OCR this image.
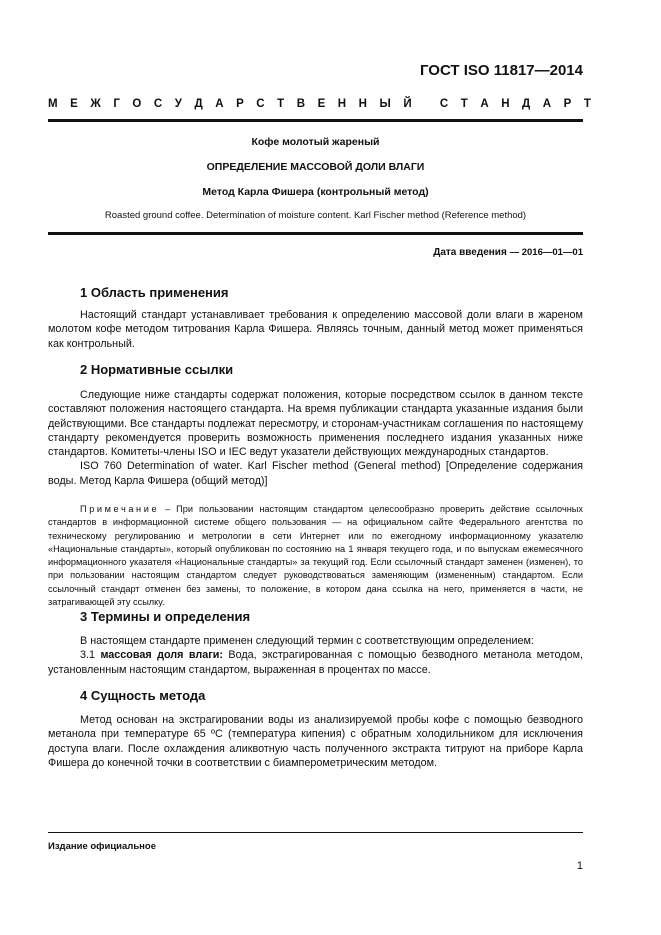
ГОСТ ISO 11817—2014
М Е Ж Г О С У Д А Р С Т В Е Н Н Ы Й
С Т А Н Д А Р Т
Кофе молотый жареный
ОПРЕДЕЛЕНИЕ МАССОВОЙ ДОЛИ ВЛАГИ
Метод Карла Фишера (контрольный метод)
Roasted ground coffee. Determination of moisture content. Karl Fischer method (Reference method)
Дата введения — 2016—01—01
1 Область применения

Настоящий стандарт устанавливает требования к определению массовой доли влаги в жареном молотом кофе методом титрования Карла Фишера. Являясь точным, данный метод может применяться как контрольный.

2 Нормативные ссылки

Следующие ниже стандарты содержат положения, которые посредством ссылок в данном тексте составляют положения настоящего стандарта. На время публикации стандарта указанные издания были действующими. Все стандарты подлежат пересмотру, и сторонам-участникам соглашения по настоящему стандарту рекомендуется проверить возможность применения последнего издания указанных ниже стандартов. Комитеты-члены ISO и IEC ведут указатели действующих международных стандартов.

ISO 760 Determination of water. Karl Fischer method (General method) [Определение содержания воды. Метод Карла Фишера (общий метод)]

Примечание – При пользовании настоящим стандартом целесообразно проверить действие ссылочных стандартов в информационной системе общего пользования — на официальном сайте Федерального агентства по техническому регулированию и метрологии в сети Интернет или по ежегодному информационному указателю «Национальные стандарты», который опубликован по состоянию на 1 января текущего года, и по выпускам ежемесячного информационного указателя «Национальные стандарты» за текущий год. Если ссылочный стандарт заменен (изменен), то при пользовании настоящим стандартом следует руководствоваться заменяющим (измененным) стандартом. Если ссылочный стандарт отменен без замены, то положение, в котором дана ссылка на него, применяется в части, не затрагивающей эту ссылку.
3 Термины и определения

В настоящем стандарте применен следующий термин с соответствующим определением:

3.1 массовая доля влаги: Вода, экстрагированная с помощью безводного метанола методом, установленным настоящим стандартом, выраженная в процентах по массе.

4 Сущность метода

Метод основан на экстрагировании воды из анализируемой пробы кофе с помощью безводного метанола при температуре 65 ºС (температура кипения) с обратным холодильником для исключения доступа влаги. После охлаждения аликвотную часть полученного экстракта титруют на приборе Карла Фишера до конечной точки в соответствии с биамперометрическим методом.

Издание официальное
1
